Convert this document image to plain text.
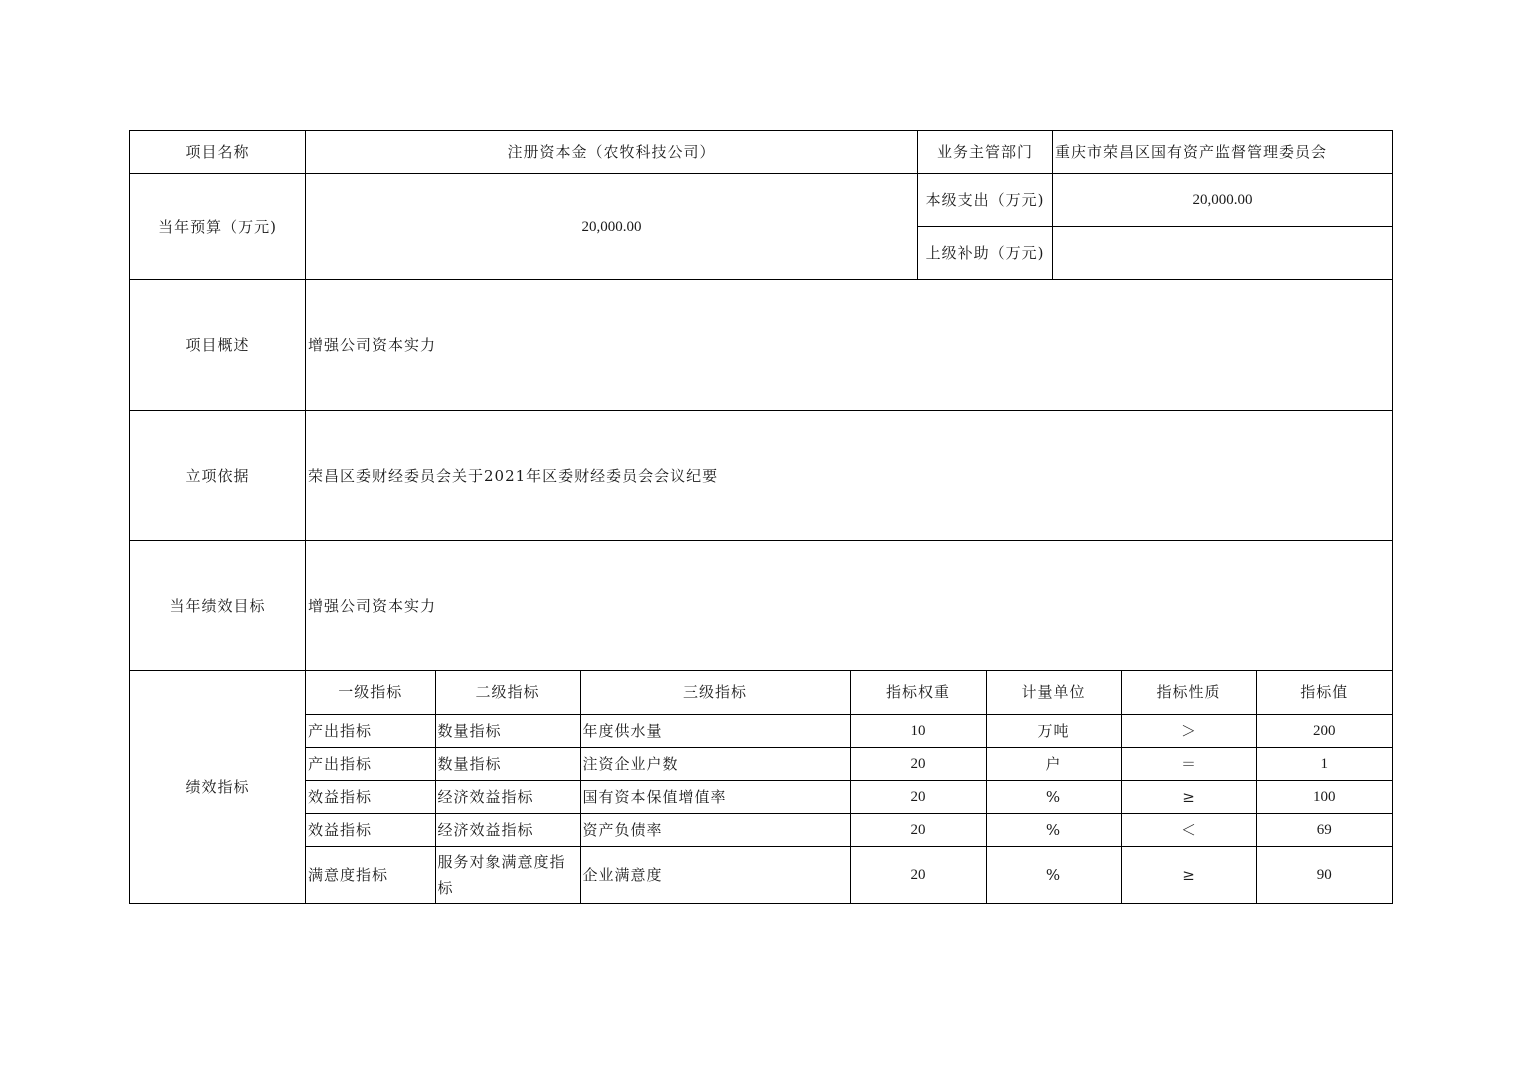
项目名称	注册资本金（农牧科技公司）	业务主管部门	重庆市荣昌区国有资产监督管理委员会
当年预算（万元)	20,000.00	本级支出（万元)	20,000.00
上级补助（万元)	
项目概述	增强公司资本实力
立项依据	荣昌区委财经委员会关于2021年区委财经委员会会议纪要
当年绩效目标	增强公司资本实力
绩效指标	
一级指标	二级指标	三级指标	指标权重	计量单位	指标性质	指标值
产出指标	数量指标	年度供水量	10	万吨	＞	200
产出指标	数量指标	注资企业户数	20	户	＝	1
效益指标	经济效益指标	国有资本保值增值率	20	%	≥	100
效益指标	经济效益指标	资产负债率	20	%	＜	69
满意度指标	服务对象满意度指标	企业满意度	20	%	≥	90
